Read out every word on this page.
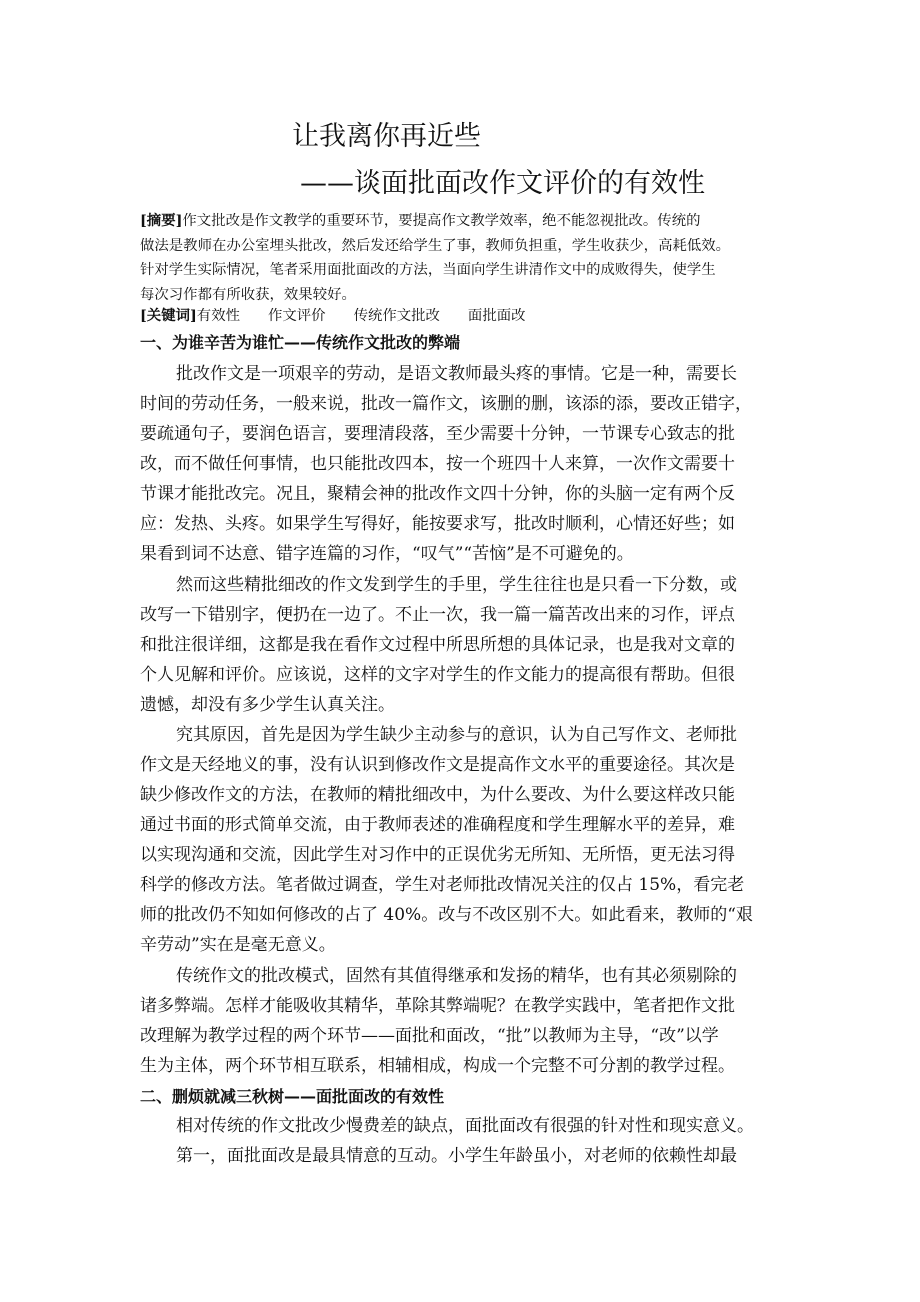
让我离你再近些
——谈面批面改作文评价的有效性
[摘要]作文批改是作文教学的重要环节，要提高作文教学效率，绝不能忽视批改。传统的
做法是教师在办公室埋头批改，然后发还给学生了事，教师负担重，学生收获少，高耗低效。
针对学生实际情况，笔者采用面批面改的方法，当面向学生讲清作文中的成败得失，使学生
每次习作都有所收获，效果较好。
[关键词]有效性 作文评价 传统作文批改 面批面改
一、为谁辛苦为谁忙——传统作文批改的弊端
批改作文是一项艰辛的劳动，是语文教师最头疼的事情。它是一种，需要长
时间的劳动任务，一般来说，批改一篇作文，该删的删，该添的添，要改正错字，
要疏通句子，要润色语言，要理清段落，至少需要十分钟，一节课专心致志的批
改，而不做任何事情，也只能批改四本，按一个班四十人来算，一次作文需要十
节课才能批改完。况且，聚精会神的批改作文四十分钟，你的头脑一定有两个反
应：发热、头疼。如果学生写得好，能按要求写，批改时顺利，心情还好些；如
果看到词不达意、错字连篇的习作，“叹气”“苦恼”是不可避免的。
然而这些精批细改的作文发到学生的手里，学生往往也是只看一下分数，或
改写一下错别字，便扔在一边了。不止一次，我一篇一篇苦改出来的习作，评点
和批注很详细，这都是我在看作文过程中所思所想的具体记录，也是我对文章的
个人见解和评价。应该说，这样的文字对学生的作文能力的提高很有帮助。但很
遗憾，却没有多少学生认真关注。
究其原因，首先是因为学生缺少主动参与的意识，认为自己写作文、老师批
作文是天经地义的事，没有认识到修改作文是提高作文水平的重要途径。其次是
缺少修改作文的方法，在教师的精批细改中，为什么要改、为什么要这样改只能
通过书面的形式简单交流，由于教师表述的准确程度和学生理解水平的差异，难
以实现沟通和交流，因此学生对习作中的正误优劣无所知、无所悟，更无法习得
科学的修改方法。笔者做过调查，学生对老师批改情况关注的仅占 15%，看完老
师的批改仍不知如何修改的占了 40%。改与不改区别不大。如此看来，教师的“艰
辛劳动”实在是毫无意义。
传统作文的批改模式，固然有其值得继承和发扬的精华，也有其必须剔除的
诸多弊端。怎样才能吸收其精华，革除其弊端呢？在教学实践中，笔者把作文批
改理解为教学过程的两个环节——面批和面改，“批”以教师为主导，“改”以学
生为主体，两个环节相互联系，相辅相成，构成一个完整不可分割的教学过程。
二、删烦就减三秋树——面批面改的有效性
相对传统的作文批改少慢费差的缺点，面批面改有很强的针对性和现实意义。
第一，面批面改是最具情意的互动。小学生年龄虽小，对老师的依赖性却最
